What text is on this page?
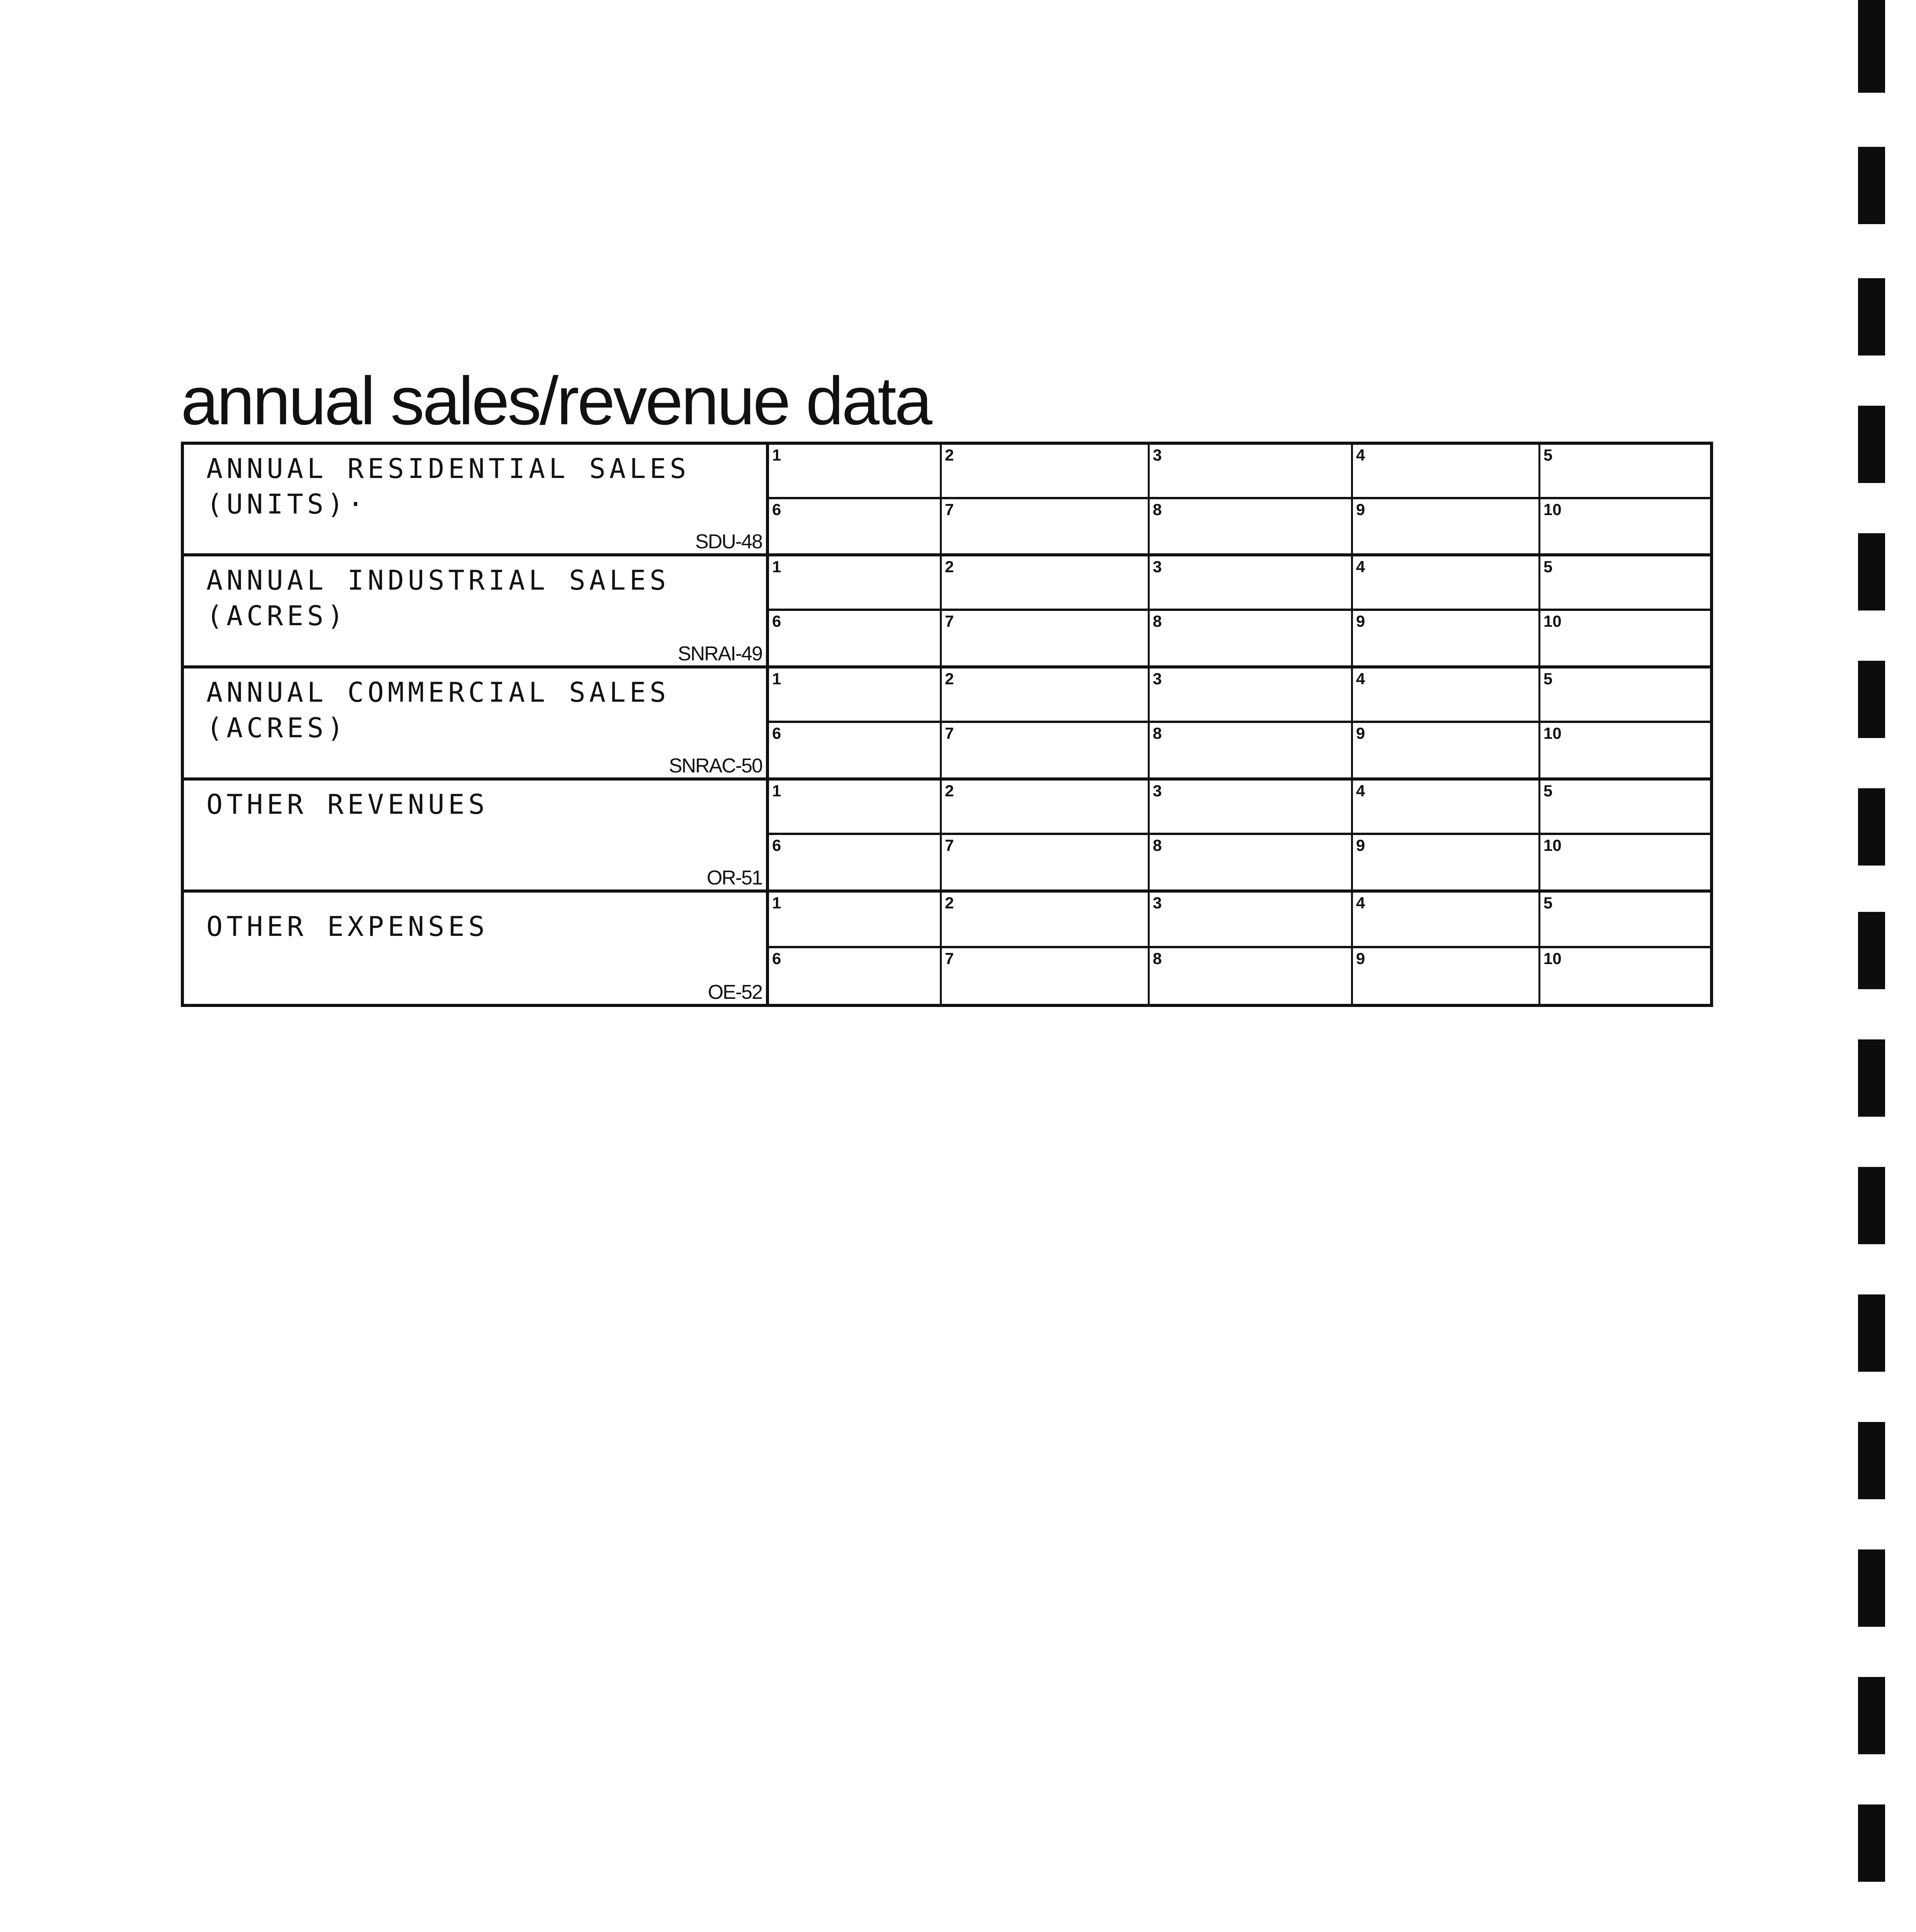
annual sales/revenue data
ANNUAL RESIDENTIAL SALES
(UNITS)·
SDU-48
1	2	3	4	5
6	7	8	9	10
ANNUAL INDUSTRIAL SALES
(ACRES)
SNRAI-49
1	2	3	4	5
6	7	8	9	10
ANNUAL COMMERCIAL SALES
(ACRES)
SNRAC-50
1	2	3	4	5
6	7	8	9	10
OTHER REVENUES
OR-51
1	2	3	4	5
6	7	8	9	10
OTHER EXPENSES
OE-52
1	2	3	4	5
6	7	8	9	10
